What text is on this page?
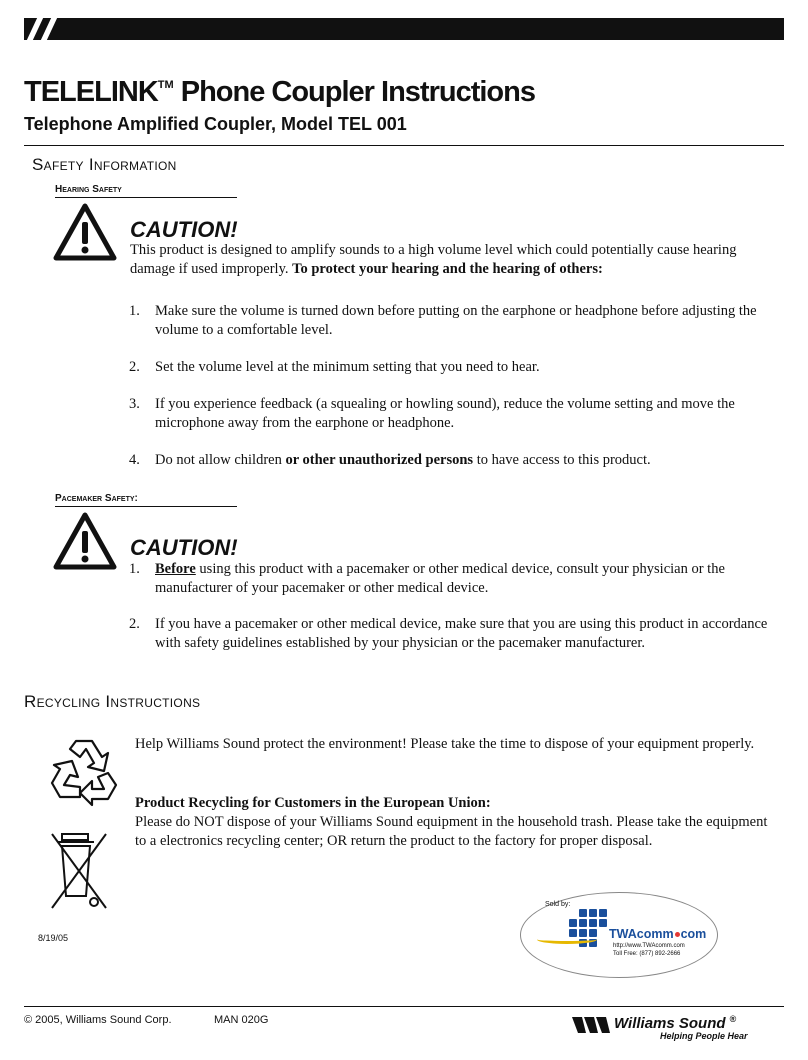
TELELINK™ Phone Coupler Instructions
Telephone Amplified Coupler, Model TEL 001
Safety Information
Hearing Safety
CAUTION!
This product is designed to amplify sounds to a high volume level which could potentially cause hearing damage if used improperly. To protect your hearing and the hearing of others:
1. Make sure the volume is turned down before putting on the earphone or headphone before adjusting the volume to a comfortable level.
2. Set the volume level at the minimum setting that you need to hear.
3. If you experience feedback (a squealing or howling sound), reduce the volume setting and move the microphone away from the earphone or headphone.
4. Do not allow children or other unauthorized persons to have access to this product.
Pacemaker Safety:
CAUTION!
1. Before using this product with a pacemaker or other medical device, consult your physician or the manufacturer of your pacemaker or other medical device.
2. If you have a pacemaker or other medical device, make sure that you are using this product in accordance with safety guidelines established by your physician or the pacemaker manufacturer.
Recycling Instructions
Help Williams Sound protect the environment! Please take the time to dispose of your equipment properly.
Product Recycling for Customers in the European Union:
Please do NOT dispose of your Williams Sound equipment in the household trash. Please take the equipment to a electronics recycling center; OR return the product to the factory for proper disposal.
8/19/05
Sold by:
TWAcomm com
http://www.TWAcomm.com
Toll Free: (877) 892-2666
© 2005, Williams Sound Corp.	MAN 020G	Williams Sound ®
Helping People Hear
